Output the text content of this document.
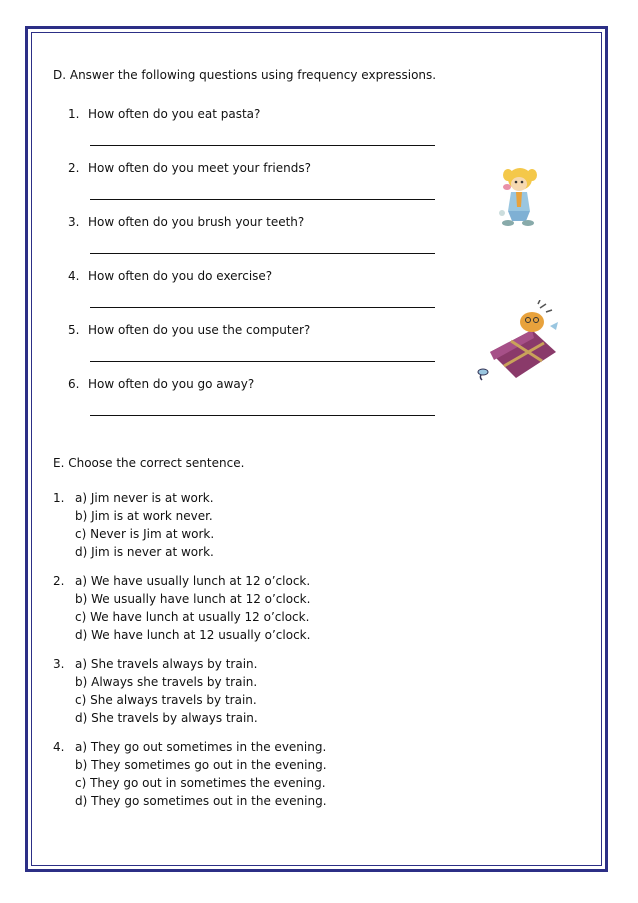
D. Answer the following questions using frequency expressions.
1. How often do you eat pasta?
2. How often do you meet your friends?
3. How often do you brush your teeth?
4. How often do you do exercise?
5. How often do you use the computer?
6. How often do you go away?
E. Choose the correct sentence.
1. a) Jim never is at work.
b) Jim is at work never.
c) Never is Jim at work.
d) Jim is never at work.
2. a) We have usually lunch at 12 o’clock.
b) We usually have lunch at 12 o’clock.
c) We have lunch at usually 12 o’clock.
d) We have lunch at 12 usually o’clock.
3. a) She travels always by train.
b) Always she travels by train.
c) She always travels by train.
d) She travels by always train.
4. a) They go out sometimes in the evening.
b) They sometimes go out in the evening.
c) They go out in sometimes the evening.
d) They go sometimes out in the evening.
